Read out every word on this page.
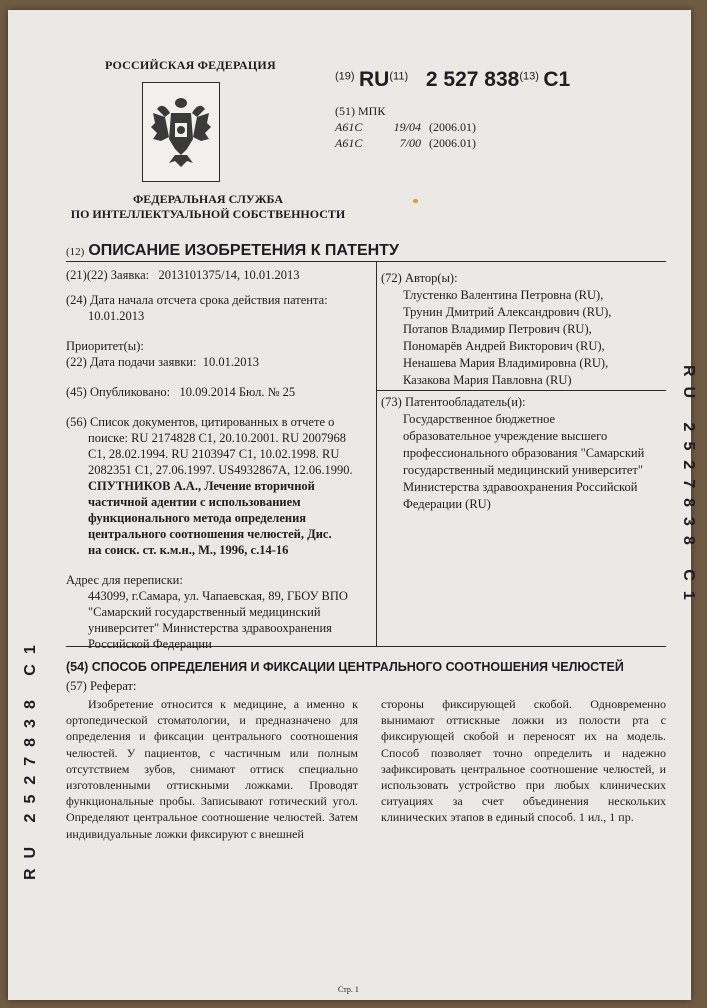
РОССИЙСКАЯ ФЕДЕРАЦИЯ
ФЕДЕРАЛЬНАЯ СЛУЖБА
ПО ИНТЕЛЛЕКТУАЛЬНОЙ СОБСТВЕННОСТИ
$^{(19)}$ RU$^{(11)}$ 2 527 838$^{(13)}$ C1
(51) МПК
A61C	19/04 (2006.01)
A61C	7/00 (2006.01)
(12) ОПИСАНИЕ ИЗОБРЕТЕНИЯ К ПАТЕНТУ
(21)(22) Заявка: 2013101375/14, 10.01.2013
(24) Дата начала отсчета срока действия патента:
10.01.2013
Приоритет(ы):
(22) Дата подачи заявки: 10.01.2013
(45) Опубликовано: 10.09.2014 Бюл. № 25
(56) Список документов, цитированных в отчете о
поиске: RU 2174828 C1, 20.10.2001. RU 2007968
C1, 28.02.1994. RU 2103947 C1, 10.02.1998. RU
2082351 C1, 27.06.1997. US4932867A, 12.06.1990.
СПУТНИКОВ А.А., Лечение вторичной
частичной адентии с использованием
функционального метода определения
центрального соотношения челюстей, Дис.
на соиск. ст. к.м.н., М., 1996, с.14-16
Адрес для переписки:
443099, г.Самара, ул. Чапаевская, 89, ГБОУ ВПО
"Самарский государственный медицинский
университет" Министерства здравоохранения
Российской Федерации
(72) Автор(ы):
Тлустенко Валентина Петровна (RU),
Трунин Дмитрий Александрович (RU),
Потапов Владимир Петрович (RU),
Пономарёв Андрей Викторович (RU),
Ненашева Мария Владимировна (RU),
Казакова Мария Павловна (RU)
(73) Патентообладатель(и):
Государственное бюджетное
образовательное учреждение высшего
профессионального образования "Самарский
государственный медицинский университет"
Министерства здравоохранения Российской
Федерации (RU)
(54) СПОСОБ ОПРЕДЕЛЕНИЯ И ФИКСАЦИИ ЦЕНТРАЛЬНОГО СООТНОШЕНИЯ ЧЕЛЮСТЕЙ
(57) Реферат:
Изобретение относится к медицине, а именно к ортопедической стоматологии, и предназначено для определения и фиксации центрального соотношения челюстей. У пациентов, с частичным или полным отсутствием зубов, снимают оттиск специально изготовленными оттискными ложками. Проводят функциональные пробы. Записывают готический угол. Определяют центральное соотношение челюстей. Затем индивидуальные ложки фиксируют с внешней
стороны фиксирующей скобой. Одновременно вынимают оттискные ложки из полости рта с фиксирующей скобой и переносят их на модель. Способ позволяет точно определить и надежно зафиксировать центральное соотношение челюстей, и использовать устройство при любых клинических ситуациях за счет объединения нескольких клинических этапов в единый способ. 1 ил., 1 пр.
Стр. 1
RU 2527838 C1
RU 2527838 C1
